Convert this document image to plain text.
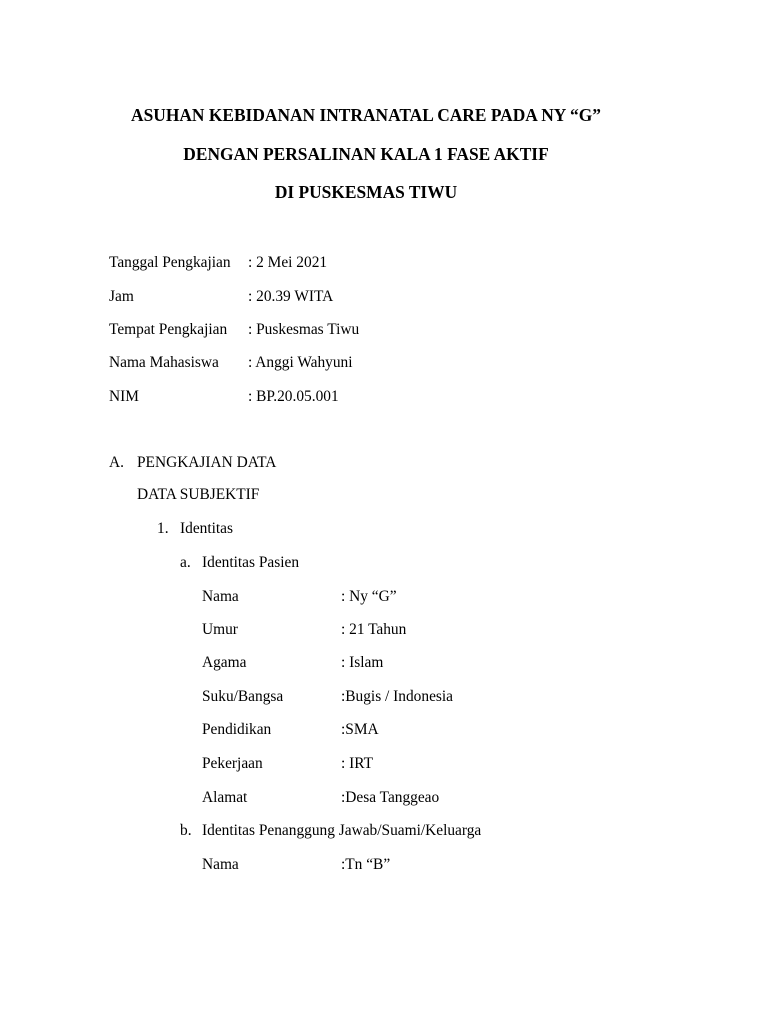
ASUHAN KEBIDANAN INTRANATAL CARE PADA NY “G”
DENGAN PERSALINAN KALA 1 FASE AKTIF
DI PUSKESMAS TIWU
Tanggal Pengkajian : 2 Mei 2021
Jam	: 20.39 WITA
Tempat Pengkajian : Puskesmas Tiwu
Nama Mahasiswa : Anggi Wahyuni
NIM	: BP.20.05.001
A. PENGKAJIAN DATA
DATA SUBJEKTIF
1. Identitas
a. Identitas Pasien
Nama	: Ny “G”
Umur	: 21 Tahun
Agama	: Islam
Suku/Bangsa	:Bugis / Indonesia
Pendidikan	:SMA
Pekerjaan	: IRT
Alamat	:Desa Tanggeao
b. Identitas Penanggung Jawab/Suami/Keluarga
Nama	:Tn “B”
